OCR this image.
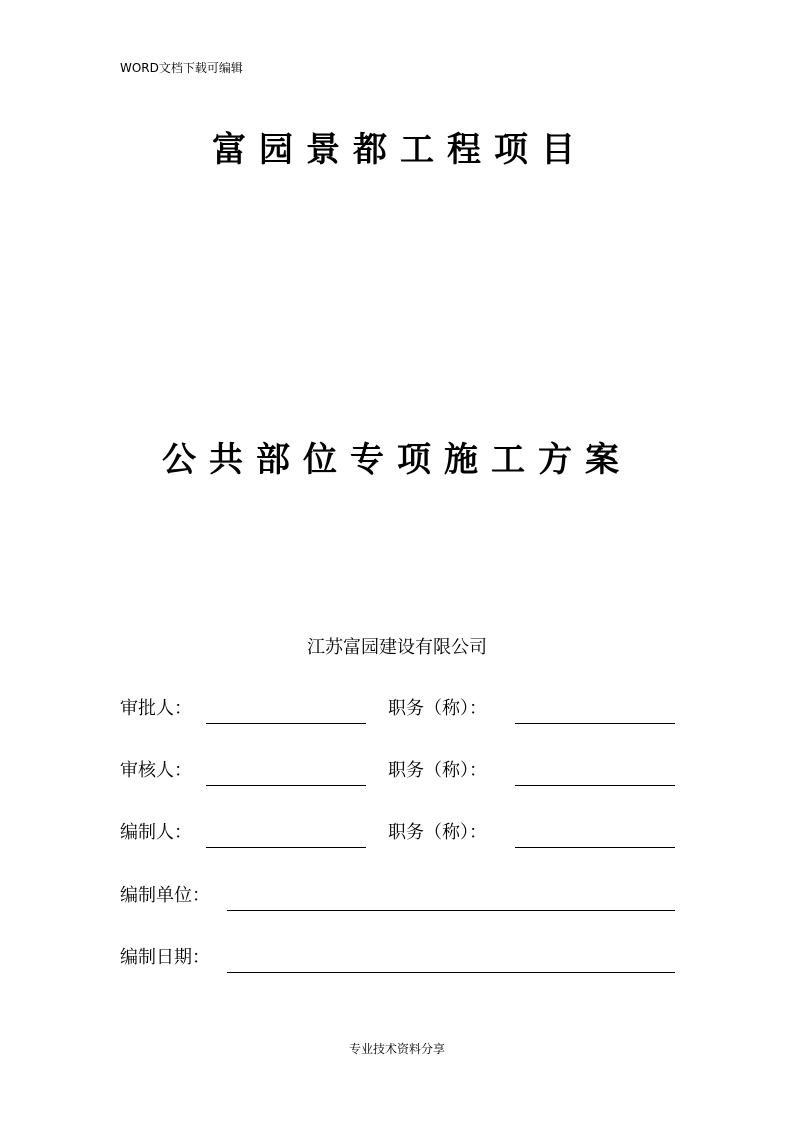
WORD文档下载可编辑
富园景都工程项目
公共部位专项施工方案
江苏富园建设有限公司
审批人：	职务（称）：
审核人：	职务（称）：
编制人：	职务（称）：
编制单位：
编制日期：
专业技术资料分享
